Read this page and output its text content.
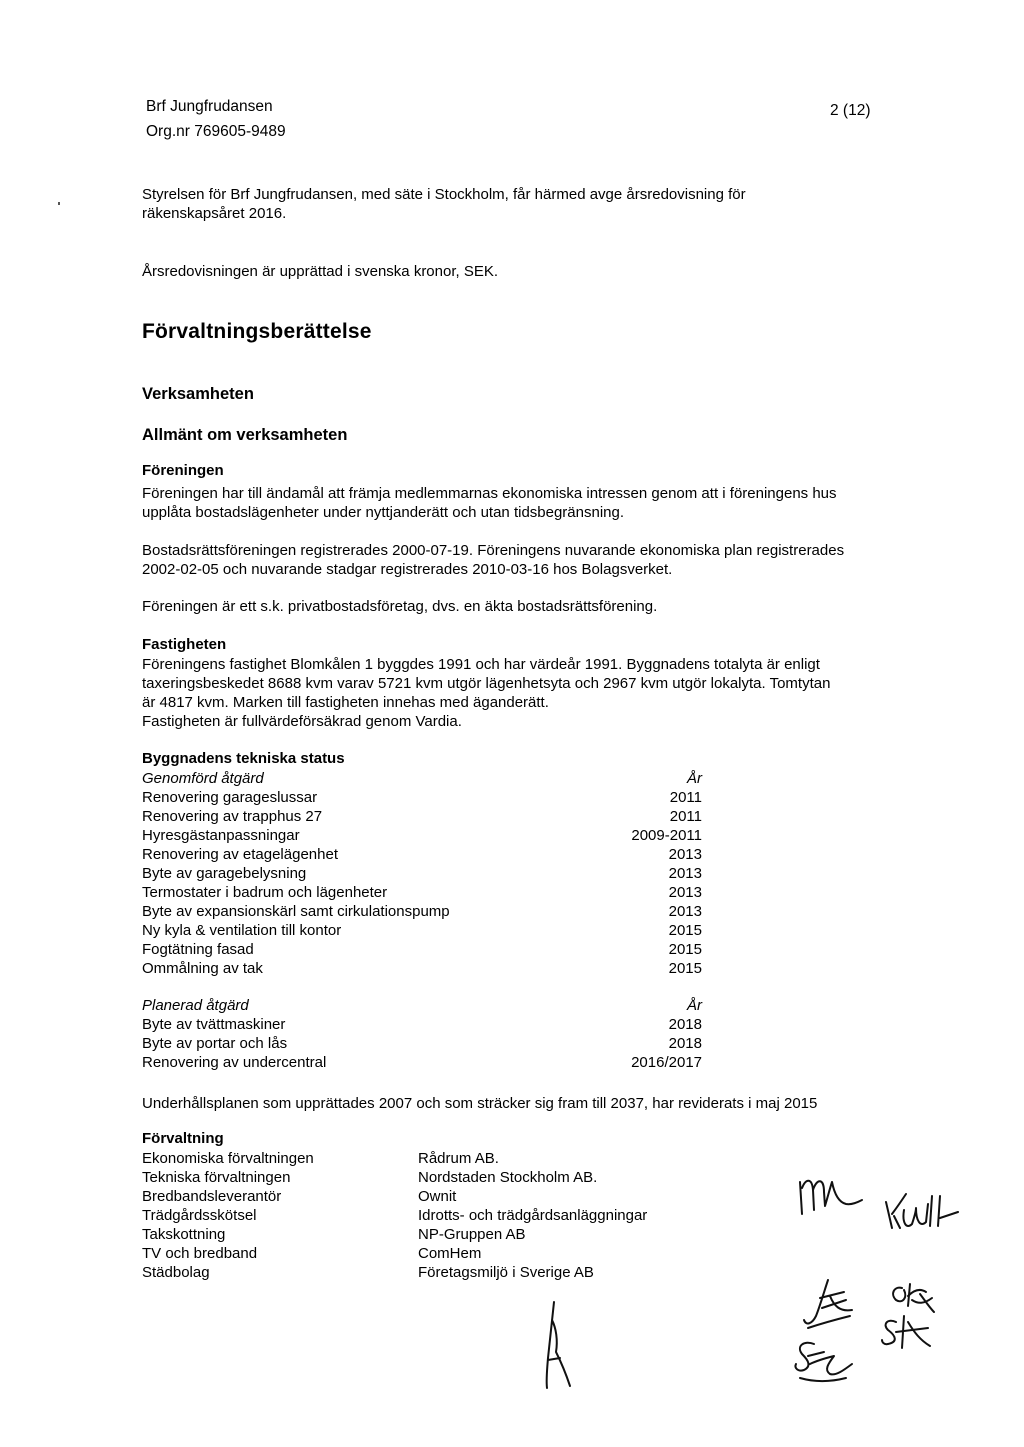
Brf Jungfrudansen
Org.nr 769605-9489
2 (12)
Styrelsen för Brf Jungfrudansen, med säte i Stockholm, får härmed avge årsredovisning för
räkenskapsåret 2016.
Årsredovisningen är upprättad i svenska kronor, SEK.
Förvaltningsberättelse
Verksamheten
Allmänt om verksamheten
Föreningen
Föreningen har till ändamål att främja medlemmarnas ekonomiska intressen genom att i föreningens hus
upplåta bostadslägenheter under nyttjanderätt och utan tidsbegränsning.
Bostadsrättsföreningen registrerades 2000-07-19. Föreningens nuvarande ekonomiska plan registrerades
2002-02-05 och nuvarande stadgar registrerades 2010-03-16 hos Bolagsverket.
Föreningen är ett s.k. privatbostadsföretag, dvs. en äkta bostadsrättsförening.
Fastigheten
Föreningens fastighet Blomkålen 1 byggdes 1991 och har värdeår 1991. Byggnadens totalyta är enligt
taxeringsbeskedet 8688 kvm varav 5721 kvm utgör lägenhetsyta och 2967 kvm utgör lokalyta. Tomtytan
är 4817 kvm. Marken till fastigheten innehas med äganderätt.
Fastigheten är fullvärdeförsäkrad genom Vardia.
Byggnadens tekniska status
Genomförd åtgärd	År
Renovering garageslussar	2011
Renovering av trapphus 27	2011
Hyresgästanpassningar	2009-2011
Renovering av etagelägenhet	2013
Byte av garagebelysning	2013
Termostater i badrum och lägenheter	2013
Byte av expansionskärl samt cirkulationspump	2013
Ny kyla & ventilation till kontor	2015
Fogtätning fasad	2015
Ommålning av tak	2015
Planerad åtgärd	År
Byte av tvättmaskiner	2018
Byte av portar och lås	2018
Renovering av undercentral	2016/2017
Underhållsplanen som upprättades 2007 och som sträcker sig fram till 2037, har reviderats i maj 2015
Förvaltning
Ekonomiska förvaltningen	Rådrum AB.
Tekniska förvaltningen	Nordstaden Stockholm AB.
Bredbandsleverantör	Ownit
Trädgårdsskötsel	Idrotts- och trädgårdsanläggningar
Takskottning	NP-Gruppen AB
TV och bredband	ComHem
Städbolag	Företagsmiljö i Sverige AB
